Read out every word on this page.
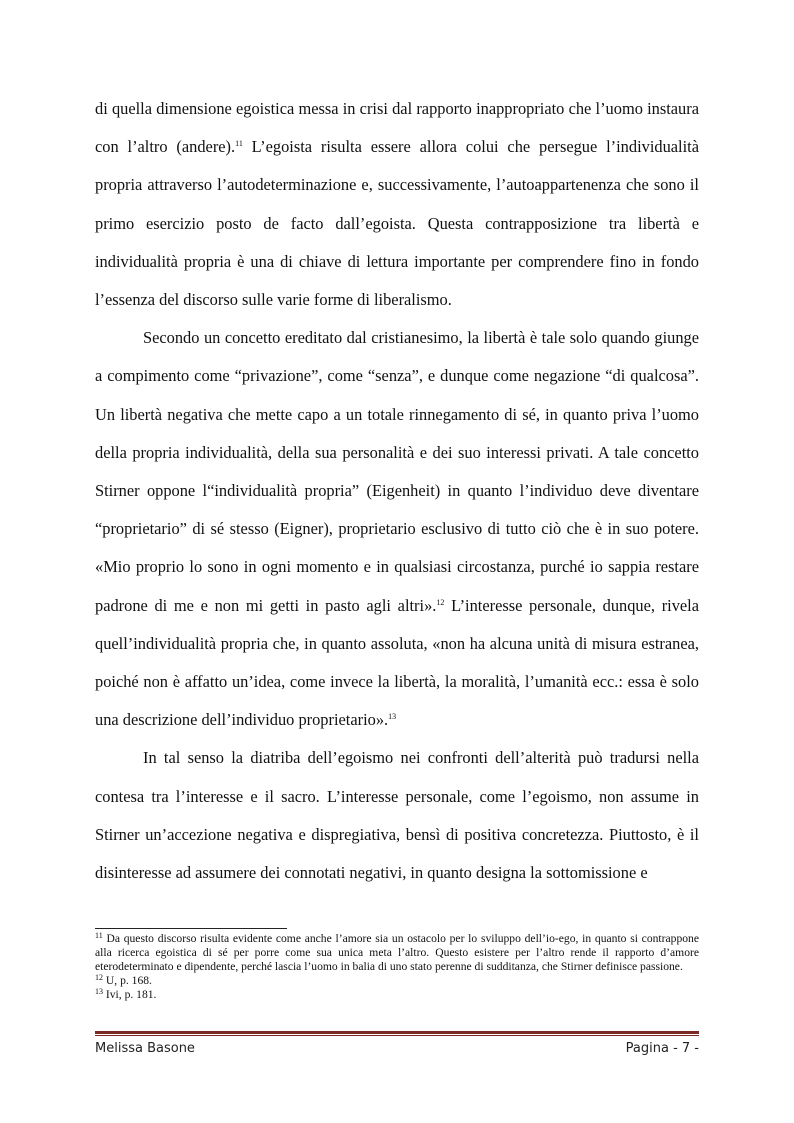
di quella dimensione egoistica messa in crisi dal rapporto inappropriato che l’uomo instaura con l’altro (andere).$^{11}$ L’egoista risulta essere allora colui che persegue l’individualità propria attraverso l’autodeterminazione e, successivamente, l’autoappartenenza che sono il primo esercizio posto de facto dall’egoista. Questa contrapposizione tra libertà e individualità propria è una di chiave di lettura importante per comprendere fino in fondo l’essenza del discorso sulle varie forme di liberalismo.

Secondo un concetto ereditato dal cristianesimo, la libertà è tale solo quando giunge a compimento come “privazione”, come “senza”, e dunque come negazione “di qualcosa”. Un libertà negativa che mette capo a un totale rinnegamento di sé, in quanto priva l’uomo della propria individualità, della sua personalità e dei suo interessi privati. A tale concetto Stirner oppone l“individualità propria” (Eigenheit) in quanto l’individuo deve diventare “proprietario” di sé stesso (Eigner), proprietario esclusivo di tutto ciò che è in suo potere. «Mio proprio lo sono in ogni momento e in qualsiasi circostanza, purché io sappia restare padrone di me e non mi getti in pasto agli altri».$^{12}$ L’interesse personale, dunque, rivela quell’individualità propria che, in quanto assoluta, «non ha alcuna unità di misura estranea, poiché non è affatto un’idea, come invece la libertà, la moralità, l’umanità ecc.: essa è solo una descrizione dell’individuo proprietario».$^{13}$

In tal senso la diatriba dell’egoismo nei confronti dell’alterità può tradursi nella contesa tra l’interesse e il sacro. L’interesse personale, come l’egoismo, non assume in Stirner un’accezione negativa e dispregiativa, bensì di positiva concretezza. Piuttosto, è il disinteresse ad assumere dei connotati negativi, in quanto designa la sottomissione e

$^{11}$ Da questo discorso risulta evidente come anche l’amore sia un ostacolo per lo sviluppo dell’io-ego, in quanto si contrappone alla ricerca egoistica di sé per porre come sua unica meta l’altro. Questo esistere per l’altro rende il rapporto d’amore eterodeterminato e dipendente, perché lascia l’uomo in balia di uno stato perenne di sudditanza, che Stirner definisce passione.

$^{12}$ U, p. 168.

$^{13}$ Ivi, p. 181.

Melissa Basone	Pagina - 7 -
